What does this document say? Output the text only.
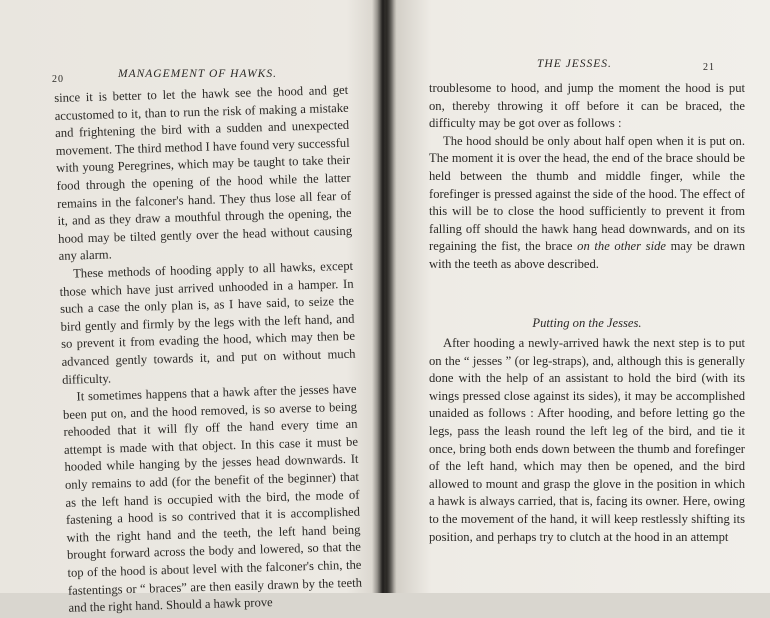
20	MANAGEMENT OF HAWKS.

since it is better to let the hawk see the hood and get accustomed to it, than to run the risk of making a mistake and frightening the bird with a sudden and unexpected movement. The third method I have found very successful with young Peregrines, which may be taught to take their food through the opening of the hood while the latter remains in the falconer's hand. They thus lose all fear of it, and as they draw a mouthful through the opening, the hood may be tilted gently over the head without causing any alarm.

These methods of hooding apply to all hawks, except those which have just arrived unhooded in a hamper. In such a case the only plan is, as I have said, to seize the bird gently and firmly by the legs with the left hand, and so prevent it from evading the hood, which may then be advanced gently towards it, and put on without much difficulty.

It sometimes happens that a hawk after the jesses have been put on, and the hood removed, is so averse to being rehooded that it will fly off the hand every time an attempt is made with that object. In this case it must be hooded while hanging by the jesses head downwards. It only remains to add (for the benefit of the beginner) that as the left hand is occupied with the bird, the mode of fastening a hood is so contrived that it is accomplished with the right hand and the teeth, the left hand being brought forward across the body and lowered, so that the top of the hood is about level with the falconer's chin, the fastentings or “ braces” are then easily drawn by the teeth and the right hand. Should a hawk prove

THE JESSES.	21

troublesome to hood, and jump the moment the hood is put on, thereby throwing it off before it can be braced, the difficulty may be got over as follows :

The hood should be only about half open when it is put on. The moment it is over the head, the end of the brace should be held between the thumb and middle finger, while the forefinger is pressed against the side of the hood. The effect of this will be to close the hood sufficiently to prevent it from falling off should the hawk hang head downwards, and on its regaining the fist, the brace on the other side may be drawn with the teeth as above described.

Putting on the Jesses.

After hooding a newly-arrived hawk the next step is to put on the “ jesses ” (or leg-straps), and, although this is generally done with the help of an assistant to hold the bird (with its wings pressed close against its sides), it may be accomplished unaided as follows : After hooding, and before letting go the legs, pass the leash round the left leg of the bird, and tie it once, bring both ends down between the thumb and forefinger of the left hand, which may then be opened, and the bird allowed to mount and grasp the glove in the position in which a hawk is always carried, that is, facing its owner. Here, owing to the movement of the hand, it will keep restlessly shifting its position, and perhaps try to clutch at the hood in an attempt
